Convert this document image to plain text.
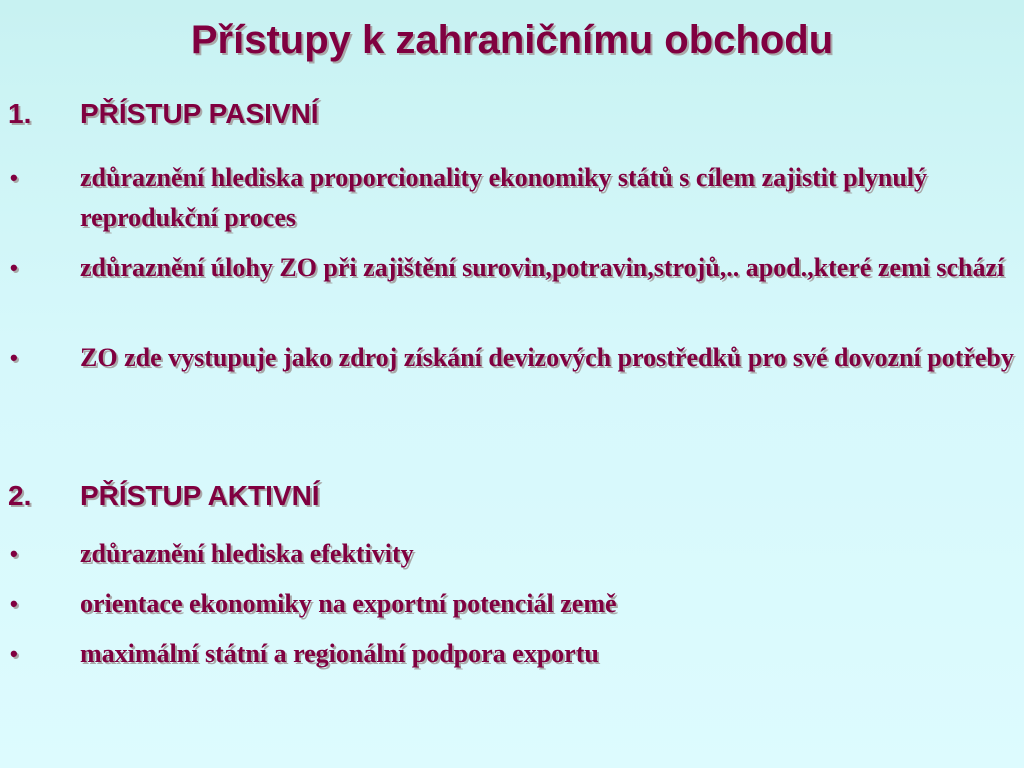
Přístupy k zahraničnímu obchodu
1. PŘÍSTUP PASIVNÍ
• zdůraznění hlediska proporcionality ekonomiky států s cílem zajistit plynulý reprodukční proces
• zdůraznění úlohy ZO při zajištění surovin,potravin,strojů,.. apod.,které zemi schází
• ZO zde vystupuje jako zdroj získání devizových prostředků pro své dovozní potřeby
2. PŘÍSTUP AKTIVNÍ
• zdůraznění hlediska efektivity
• orientace ekonomiky na exportní potenciál země
• maximální státní a regionální podpora exportu
